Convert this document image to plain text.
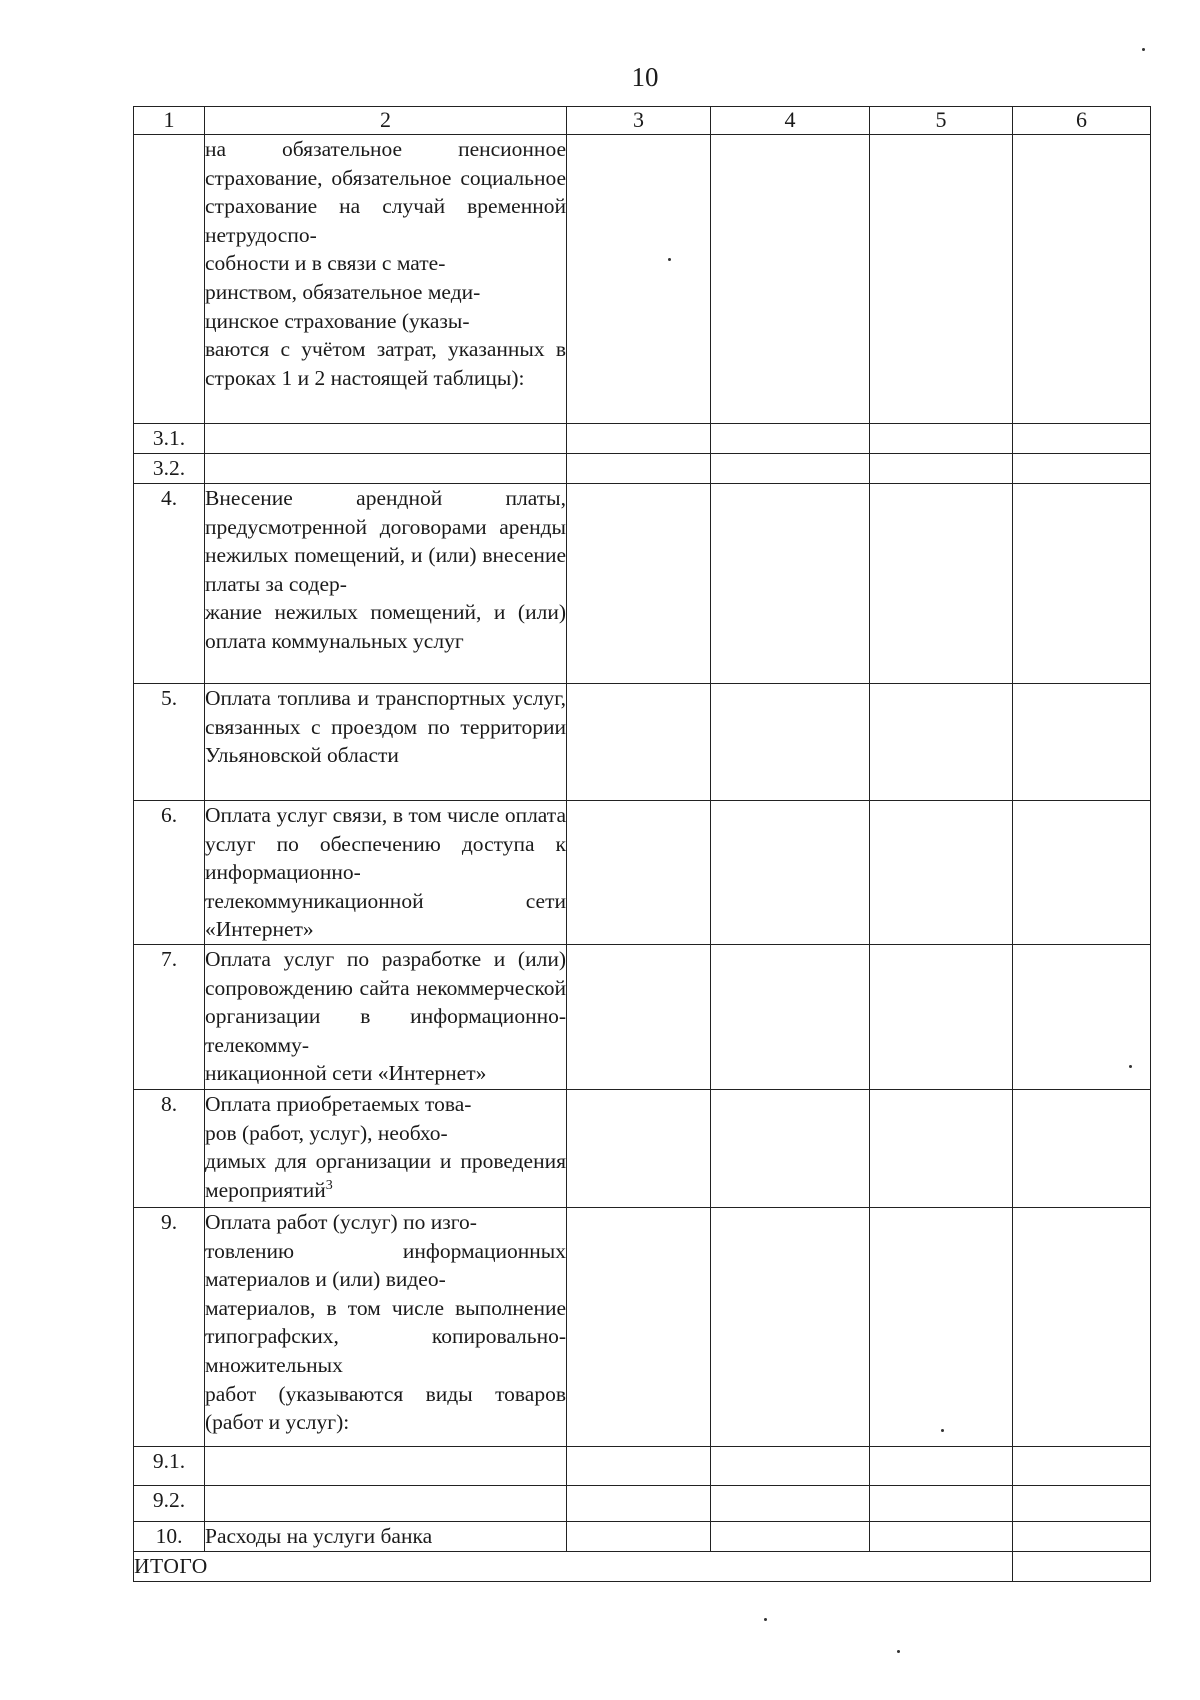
10
1	2	3	4	5	6
	на обязательное пенсионное страхование, обязательное социальное страхование на случай временной нетрудоспо-
собности и в связи с мате-
ринством, обязательное меди-
цинское страхование (указы-
ваются с учётом затрат, указанных в строках 1 и 2 настоящей таблицы):				
3.1.					
3.2.					
4.	Внесение арендной платы, предусмотренной договорами аренды нежилых помещений, и (или) внесение платы за содер-
жание нежилых помещений, и (или) оплата коммунальных услуг				
5.	Оплата топлива и транспортных услуг, связанных с проездом по территории Ульяновской области				
6.	Оплата услуг связи, в том числе оплата услуг по обеспечению доступа к информационно-
телекоммуникационной сети «Интернет»				
7.	Оплата услуг по разработке и (или) сопровождению сайта некоммерческой организации в информационно-телекомму-
никационной сети «Интернет»				
8.	Оплата приобретаемых това-
ров (работ, услуг), необхо-
димых для организации и проведения мероприятий$^3$				
9.	Оплата работ (услуг) по изго-
товлению информационных материалов и (или) видео-
материалов, в том числе выполнение типографских, копировально-множительных
работ (указываются виды товаров (работ и услуг):				
9.1.					
9.2.					
10.	Расходы на услуги банка				
ИТОГО					
